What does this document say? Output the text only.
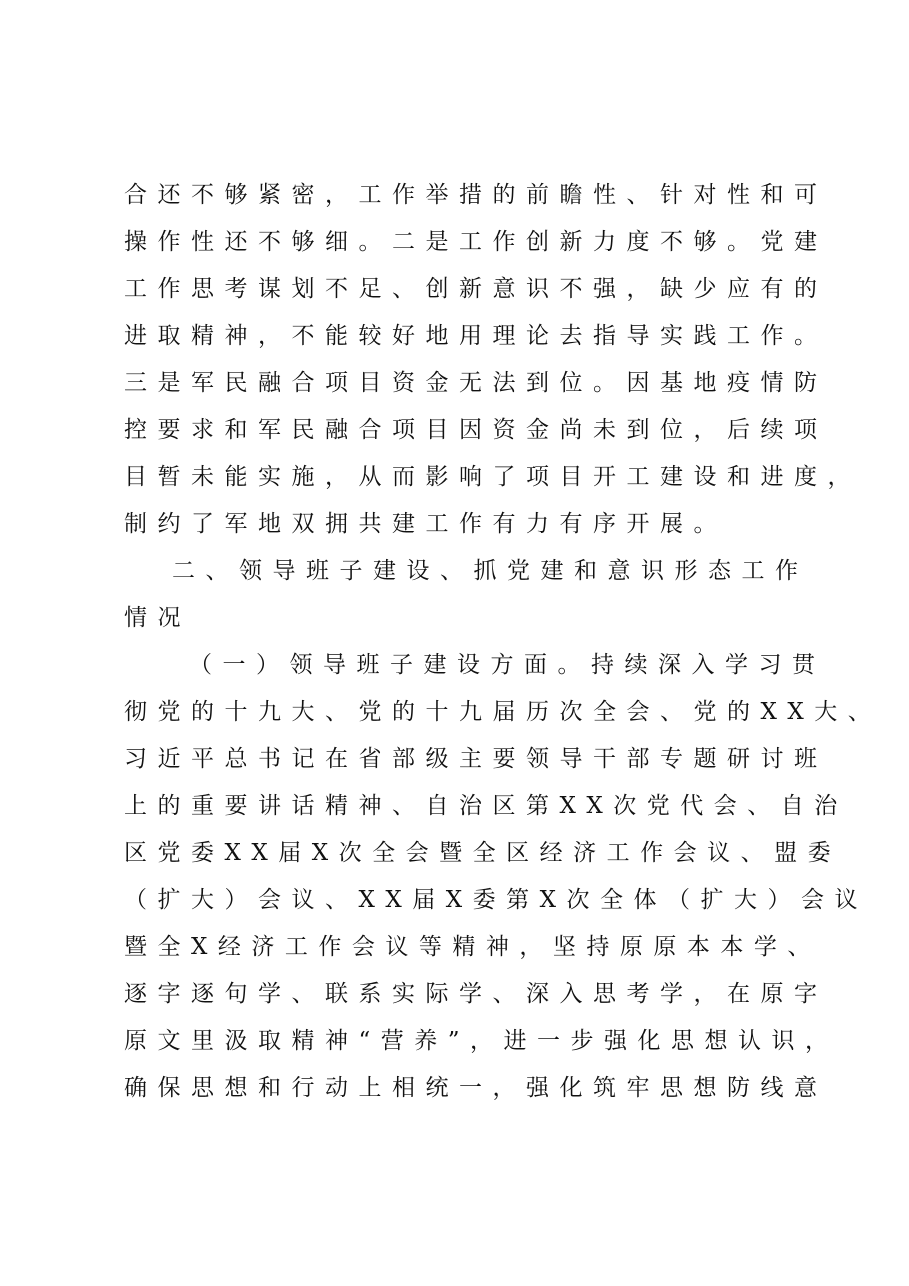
合还不够紧密，工作举措的前瞻性、针对性和可
操作性还不够细。二是工作创新力度不够。党建
工作思考谋划不足、创新意识不强，缺少应有的
进取精神，不能较好地用理论去指导实践工作。
三是军民融合项目资金无法到位。因基地疫情防
控要求和军民融合项目因资金尚未到位，后续项
目暂未能实施，从而影响了项目开工建设和进度，
制约了军地双拥共建工作有力有序开展。
二、领导班子建设、抓党建和意识形态工作
情况
（一）领导班子建设方面。持续深入学习贯
彻党的十九大、党的十九届历次全会、党的XX大、
习近平总书记在省部级主要领导干部专题研讨班
上的重要讲话精神、自治区第XX次党代会、自治
区党委XX届X次全会暨全区经济工作会议、盟委
（扩大）会议、XX届X委第X次全体（扩大）会议
暨全X经济工作会议等精神，坚持原原本本学、
逐字逐句学、联系实际学、深入思考学，在原字
原文里汲取精神“营养”，进一步强化思想认识，
确保思想和行动上相统一，强化筑牢思想防线意
